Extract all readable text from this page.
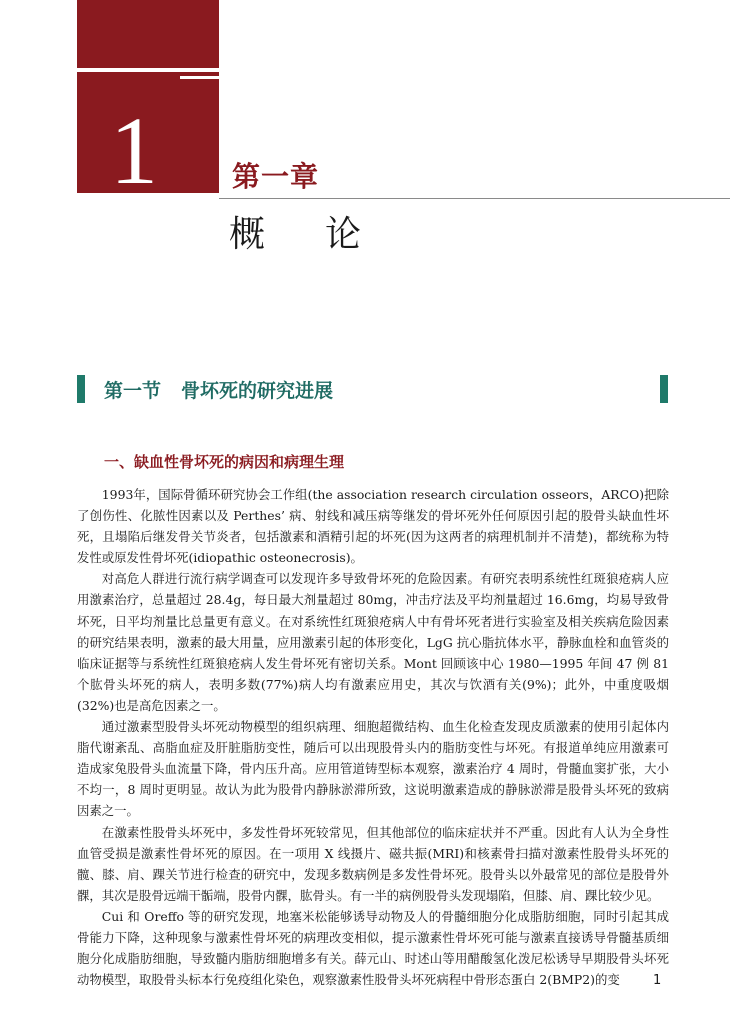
1	第一章
概论
第一节 骨坏死的研究进展
一、缺血性骨坏死的病因和病理生理

1993年，国际骨循环研究协会工作组(the association research circulation osseors，ARCO)把除了创伤性、化脓性因素以及 Perthes’ 病、射线和减压病等继发的骨坏死外任何原因引起的股骨头缺血性坏死，且塌陷后继发骨关节炎者，包括激素和酒精引起的坏死(因为这两者的病理机制并不清楚)，都统称为特发性或原发性骨坏死(idiopathic osteonecrosis)。

对高危人群进行流行病学调查可以发现许多导致骨坏死的危险因素。有研究表明系统性红斑狼疮病人应用激素治疗，总量超过 28.4g，每日最大剂量超过 80mg，冲击疗法及平均剂量超过 16.6mg，均易导致骨坏死，日平均剂量比总量更有意义。在对系统性红斑狼疮病人中有骨坏死者进行实验室及相关疾病危险因素的研究结果表明，激素的最大用量，应用激素引起的体形变化，LgG 抗心脂抗体水平，静脉血栓和血管炎的临床证据等与系统性红斑狼疮病人发生骨坏死有密切关系。Mont 回顾该中心 1980—1995 年间 47 例 81 个肱骨头坏死的病人，表明多数(77%)病人均有激素应用史，其次与饮酒有关(9%)；此外，中重度吸烟(32%)也是高危因素之一。

通过激素型股骨头坏死动物模型的组织病理、细胞超微结构、血生化检查发现皮质激素的使用引起体内脂代谢紊乱、高脂血症及肝脏脂肪变性，随后可以出现股骨头内的脂肪变性与坏死。有报道单纯应用激素可造成家兔股骨头血流量下降，骨内压升高。应用管道铸型标本观察，激素治疗 4 周时，骨髓血窦扩张，大小不均一，8 周时更明显。故认为此为股骨内静脉淤滞所致，这说明激素造成的静脉淤滞是股骨头坏死的致病因素之一。

在激素性股骨头坏死中，多发性骨坏死较常见，但其他部位的临床症状并不严重。因此有人认为全身性血管受损是激素性骨坏死的原因。在一项用 X 线摄片、磁共振(MRI)和核素骨扫描对激素性股骨头坏死的髋、膝、肩、踝关节进行检查的研究中，发现多数病例是多发性骨坏死。股骨头以外最常见的部位是股骨外髁，其次是股骨远端干骺端，股骨内髁，肱骨头。有一半的病例股骨头发现塌陷，但膝、肩、踝比较少见。

Cui 和 Oreffo 等的研究发现，地塞米松能够诱导动物及人的骨髓细胞分化成脂肪细胞，同时引起其成骨能力下降，这种现象与激素性骨坏死的病理改变相似，提示激素性骨坏死可能与激素直接诱导骨髓基质细胞分化成脂肪细胞，导致髓内脂肪细胞增多有关。薛元山、时述山等用醋酸氢化泼尼松诱导早期股骨头坏死动物模型，取股骨头标本行免疫组化染色，观察激素性股骨头坏死病程中骨形态蛋白 2(BMP2)的变	1
